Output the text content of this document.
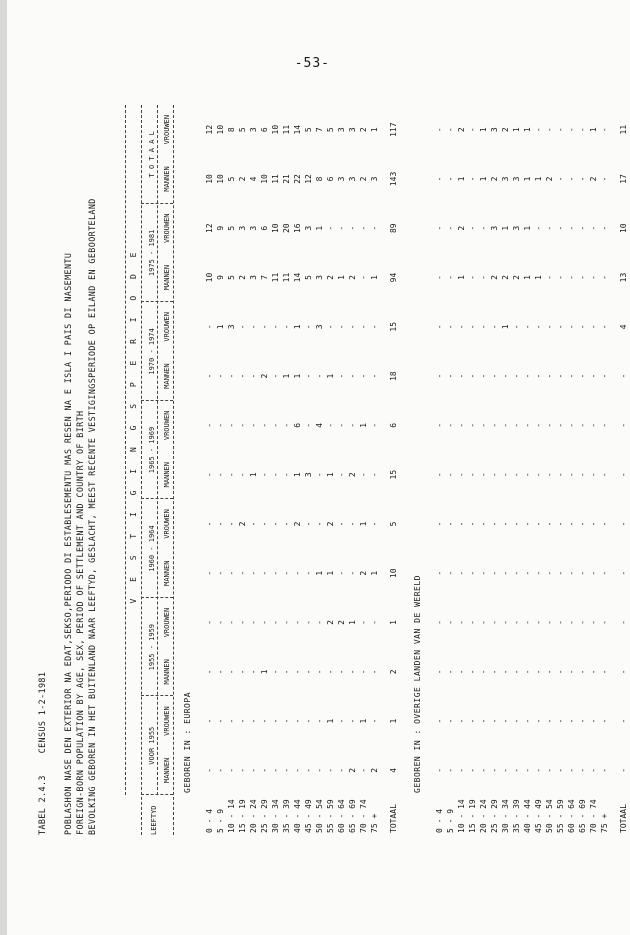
-53-
TABEL 2.4.3    CENSUS 1-2-1981 POBLASHON NASE DEN EXTERIOR NA EDAT,SEKSO,PERIODO DI ESTABLESEMENTU MAS RESEN NA E ISLA I PAIS DI NASEMENTU FOREIGN-BORN POPULATION BY AGE, SEX, PERIOD OF SETTLEMENT AND COUNTRY OF BIRTH BEVOLKING GEBOREN IN HET BUITENLAND NAAR LEEFTYD, GESLACHT, MEEST RECENTE VESTIGINGSPERIODE OP EILAND EN GEBOORTELAND	V E S T I G I N G S P E R I O D E
LEEFTYD
VOOR 1955
1955 - 1959
1960 - 1964
1965 - 1969
1970 - 1974
1975 - 1981
T O T A A L
MANNEN
VROUWEN
MANNEN
VROUWEN
MANNEN
VROUWEN
MANNEN
VROUWEN
MANNEN
VROUWEN
MANNEN
VROUWEN
MANNEN
VROUWEN
GEBOREN IN : EUROPA
0 - 4
-
-
-
-
-
-
-
-
-
-
10
12
10
12
5 - 9
-
-
-
-
-
-
-
-
-
1
9
9
10
10
10 - 14
-
-
-
-
-
-
-
-
-
3
5
5
5
8
15 - 19
-
-
-
-
-
2
-
-
-
-
2
3
2
5
20 - 24
-
-
-
-
-
-
1
-
-
-
3
3
4
3
25 - 29
-
-
1
-
-
-
-
-
2
-
7
6
10
6
30 - 34
-
-
-
-
-
-
-
-
-
-
11
10
11
10
35 - 39
-
-
-
-
-
-
-
-
1
-
11
20
21
11
40 - 44
-
-
-
-
-
2
1
6
1
1
14
16
22
14
45 - 49
-
-
-
-
-
-
3
-
-
-
5
3
12
5
50 - 54
-
-
-
-
1
-
-
4
-
3
3
1
8
7
55 - 59
-
1
-
2
1
2
1
-
1
-
2
-
6
5
60 - 64
-
-
-
2
-
-
-
-
-
-
1
-
3
3
65 - 69
2
-
-
1
-
-
2
-
-
-
2
-
3
3
70 - 74
-
1
-
-
2
1
-
1
-
-
-
-
2
2
75 +
2
-
-
-
1
-
-
-
-
-
1
-
3
1
TOTAAL
4
1
2
1
10
5
15
6
18
15
94
89
143
117
GEBOREN IN : OVERIGE LANDEN VAN DE WERELD
0 - 4
-
-
-
-
-
-
-
-
-
-
-
-
-
-
5 - 9
-
-
-
-
-
-
-
-
-
-
-
-
-
-
10 - 14
-
-
-
-
-
-
-
-
-
-
1
2
1
2
15 - 19
-
-
-
-
-
-
-
-
-
-
-
-
-
-
20 - 24
-
-
-
-
-
-
-
-
-
-
-
-
1
1
25 - 29
-
-
-
-
-
-
-
-
-
-
2
3
2
3
30 - 34
-
-
-
-
-
-
-
-
-
1
2
1
3
2
35 - 39
-
-
-
-
-
-
-
-
-
-
2
3
3
1
40 - 44
-
-
-
-
-
-
-
-
-
-
1
1
1
1
45 - 49
-
-
-
-
-
-
-
-
-
-
1
-
1
-
50 - 54
-
-
-
-
-
-
-
-
-
-
-
-
2
-
55 - 59
-
-
-
-
-
-
-
-
-
-
-
-
-
-
60 - 64
-
-
-
-
-
-
-
-
-
-
-
-
-
-
65 - 69
-
-
-
-
-
-
-
-
-
-
-
-
-
-
70 - 74
-
-
-
-
-
-
-
-
-
-
-
-
2
1
75 +
-
-
-
-
-
-
-
-
-
-
-
-
-
-
TOTAAL
-
-
-
-
-
-
-
-
-
4
13
10
17
11
